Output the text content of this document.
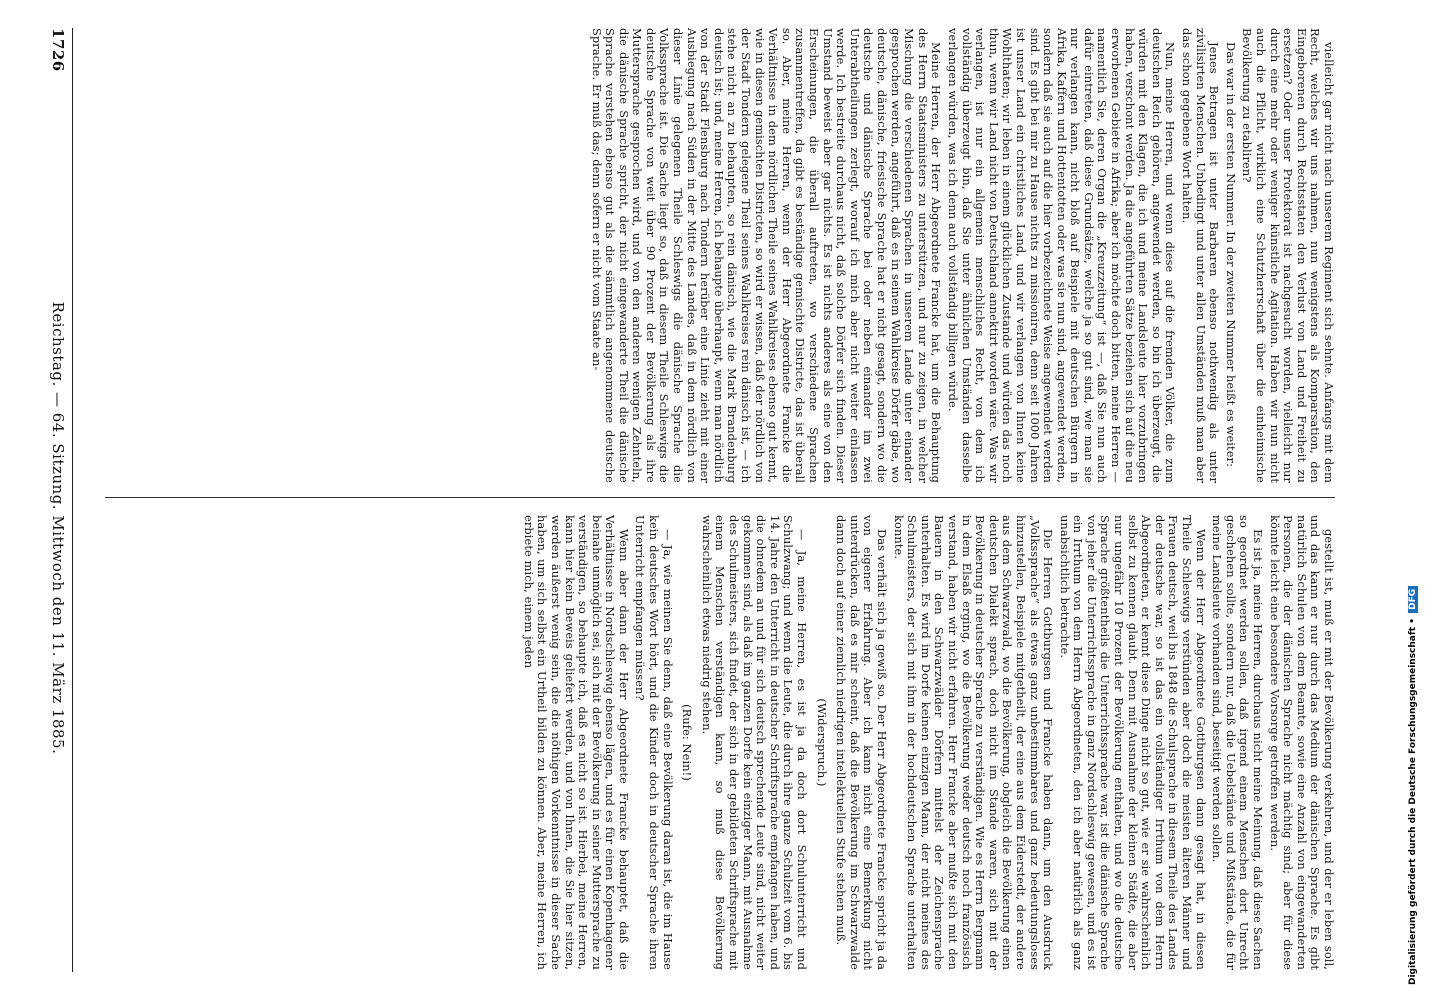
1726
Reichstag. — 64. Sitzung. Mittwoch den 11. März 1885.

vielleicht gar nicht nach unserem Regiment sich sehnte. Anfangs mit dem Recht, welches wir uns nahmen, nun wenigstens als Komparsation, den Eingeborenen durch Rechtsstaten den Verlust von Land und Freiheit zu ersetzen? Oder unser Protektorat ist nachgesucht worden, vielleicht nur durch eine mehr oder weniger künstliche Agitation. Haben wir nun nicht auch die Pflicht, wirklich eine Schutzherrschaft über die einheimische Bevölkerung zu etabliren?

Das war in der ersten Nummer. In der zweiten Nummer heißt es weiter:

Jenes Betragen ist unter Barbaren ebenso nothwendig als unter zivilisirten Menschen. Unbedingt und unter allen Umständen muß man aber das schon gegebene Wort halten.

Nun, meine Herren, und wenn diese auf die fremden Völker, die zum deutschen Reich gehören, angewendet werden, so bin ich überzeugt, die würden mit den Klagen, die ich und meine Landsleute hier vorzubringen haben, verschont werden. Ja die angeführten Sätze beziehen sich auf die neu erworbenen Gebiete in Afrika; aber ich möchte doch bitten, meine Herren — namentlich Sie, deren Organ die „Kreuzzeitung“ ist —, daß Sie nun auch dafür eintreten, daß diese Grundsätze, welche ja so gut sind, wie man sie nur verlangen kann, nicht bloß auf Beispiele mit deutschen Bürgern in Afrika, Kaffern und Hottentotten oder was sie nun sind, angewendet werden, sondern daß sie auch auf die hier vorbezeichnete Weise angewendet werden sind. Es gibt bei mir zu Hause nichts zu missioniren, denn seit 1000 Jahren ist unser Land ein christliches Land, und wir verlangen von Ihnen keine Wohlthaten; wir leben in einem glücklichen Zustande und würden das noch thun, wenn wir Land nicht von Deutschland annektirt worden wäre. Was wir verlangen, ist nur ein allgemein menschliches Recht, von dem ich vollständig überzeugt bin, daß Sie unter ähnlichen Umständen dasselbe verlangen würden, was ich denn auch vollständig billigen würde.

Meine Herren, der Herr Abgeordnete Francke hat, um die Behauptung des Herrn Staatsministers zu unterstützen, und nur zu zeigen, in welcher Mischung die verschiedenen Sprachen in unserem Lande unter einander gesprochen werden, angeführt, daß es in seinem Wahlkreise Dörfer gäbe, wo deutsche, dänische, friesische Sprache hat er nicht gesagt, sondern wo die deutsche und dänische Sprache bei oder neben einander im zwei Unterabtheilungen zerlegt, worauf ich mich aber nicht weiter einlassen werde. Ich bestreite durchaus nicht, daß solche Dörfer sich finden. Dieser Umstand beweist aber gar nichts. Es ist nichts anderes als eine von den Erscheinungen, die überall auftreten, wo verschiedene Sprachen zusammentreffen, da gibt es beständige gemischte Districte, das ist überall so. Aber, meine Herren, wenn der Herr Abgeordnete Francke die Verhältnisse in dem nördlichen Theile seines Wahlkreises ebenso gut kennt, wie in diesen gemischten Districten, so wird er wissen, daß der nördlich von der Stadt Tondern gelegene Theil seines Wahlkreises rein dänisch ist, — ich stehe nicht an zu behaupten, so rein dänisch, wie die Mark Brandenburg deutsch ist; und, meine Herren, ich behaupte überhaupt, wenn man nördlich von der Stadt Flensburg nach Tondern herüber eine Linie zieht mit einer Ausbiegung nach Süden in der Mitte des Landes, daß in dem nördlich von dieser Linie gelegenen Theile Schleswigs die dänische Sprache die Volkssprache ist. Die Sache liegt so, daß in diesem Theile Schleswigs die deutsche Sprache von weit über 90 Prozent der Bevölkerung als ihre Muttersprache gesprochen wird, und von den anderen wenigen Zehnteln, die dänische Sprache spricht, der nicht eingewanderte Theil die dänische Sprache verstehen ebenso gut als die sämmtlich angenommene deutsche Sprache. Er muß das; denn sofern er nicht vom Staate an-

gestellt ist, muß er mit der Bevölkerung verkehren, und der er leben soll, und das kann er nur durch das Medium der dänischen Sprache. Es gibt natürlich Schulen von dem Beamte, sowie eine Anzahl von eingewanderten Personen, die der dänischen Sprache nicht mächtig sind; aber für diese könnte leicht eine besondere Vorsorge getroffen werden.

Es ist ja, meine Herren, durchaus nicht meine Meinung, daß diese Sachen so geordnet werden sollen, daß irgend einem Menschen dort Unrecht geschehen sollte, sondern nur, daß die Uebelstände und Mißstände, die für meine Landsleute vorhanden sind, beseitigt werden sollen.

Wenn der Herr Abgeordnete Gottburgsen dann gesagt hat, in diesen Theile Schleswigs verstünden aber doch die meisten älteren Männer und Frauen deutsch, weil bis 1848 die Schulsprache in diesem Theile des Landes der deutsche war, so ist das ein vollständiger Irrthum von dem Herrn Abgeordneten, er kennt diese Dinge nicht so gut, wie er sie wahrscheinlich selbst zu kennen glaubt. Denn mit Ausnahme der kleinen Städte, die aber nur ungefähr 10 Prozent der Bevölkerung enthalten, und wo die deutsche Sprache größtentheils die Unterrichtssprache war, ist die dänische Sprache von jeher die Unterrichtssprache in ganz Nordschleswig gewesen, und es ist ein Irrthum von dem Herrn Abgeordneten, den ich aber natürlich als ganz unabsichtlich betrachte.

Die Herren Gottburgsen und Francke haben dann, um den Ausdruck „Volkssprache“ als etwas ganz unbestimmbares und ganz bedeutungsloses hinzustellen, Beispiele mitgetheilt, der eine aus dem Eiderstedt, der andere aus dem Schwarzwald, wo die Bevölkerung, obgleich die Bevölkerung einen deutschen Dialekt sprach, doch nicht im Stande waren, sich mit der Bevölkerung in deutscher Sprache zu verständigen. Wie es Herrn Bergmann in dem Elsaß erging, wo die Bevölkerung weder deutsch noch französisch verstand, haben wir nicht erfahren. Herr Francke aber mußte sich mit den Bauern in den Schwarzwälder Dörfern mittelst der Zeichensprache unterhalten. Es wird im Dorfe keinen einzigen Mann, der nicht meines des Schulmeisters, der sich mit ihm in der hochdeutschen Sprache unterhalten konnte.

Das verhält sich ja gewiß so. Der Herr Abgeordnete Francke spricht ja da von eigener Erfahrung. Aber ich kann nicht eine Bemerkung nicht unterdrücken, daß es mir scheint, daß die Bevölkerung im Schwarzwalde dann doch auf einer ziemlich niedrigen intellektuellen Stufe stehen muß.

(Widerspruch.)

— Ja, meine Herren, es ist ja da doch dort Schulunterricht und Schulzwang; und wenn die Leute, die durch ihre ganze Schulzeit vom 6. bis 14. Jahre den Unterricht in deutscher Schriftsprache empfangen haben, und die ohnedem an und für sich deutsch sprechende Leute sind, nicht weiter gekommen sind, als daß im ganzen Dorfe kein einziger Mann, mit Ausnahme des Schulmeisters, sich findet, der sich in der gebildeten Schriftsprache mit einem Menschen verständigen kann, so muß diese Bevölkerung wahrscheinlich etwas niedrig stehen.

(Rufe: Nein!)

— Ja, wie meinen Sie denn, daß eine Bevölkerung daran ist, die im Hause kein deutsches Wort hört, und die Kinder doch in deutscher Sprache ihren Unterricht empfangen müssen?

Wenn aber dann der Herr Abgeordnete Francke behauptet, daß die Verhältnisse in Nordschleswig ebenso lägen, und es für einen Kopenhagener beinahe unmöglich sei, sich mit der Bevölkerung in seiner Muttersprache zu verständigen, so behaupte ich, daß es nicht so ist. Hierbei, meine Herren, kann hier kein Beweis geliefert werden, und von Ihnen, die Sie hier sitzen, werden äußerst wenig sein, die die nöthigen Vorkenntnisse in dieser Sache haben, um sich selbst ein Urtheil bilden zu können. Aber, meine Herren, ich erbiete mich, einem jeden

Digitalisierung gefördert durch die Deutsche Forschungsgemeinschaft • DFG
